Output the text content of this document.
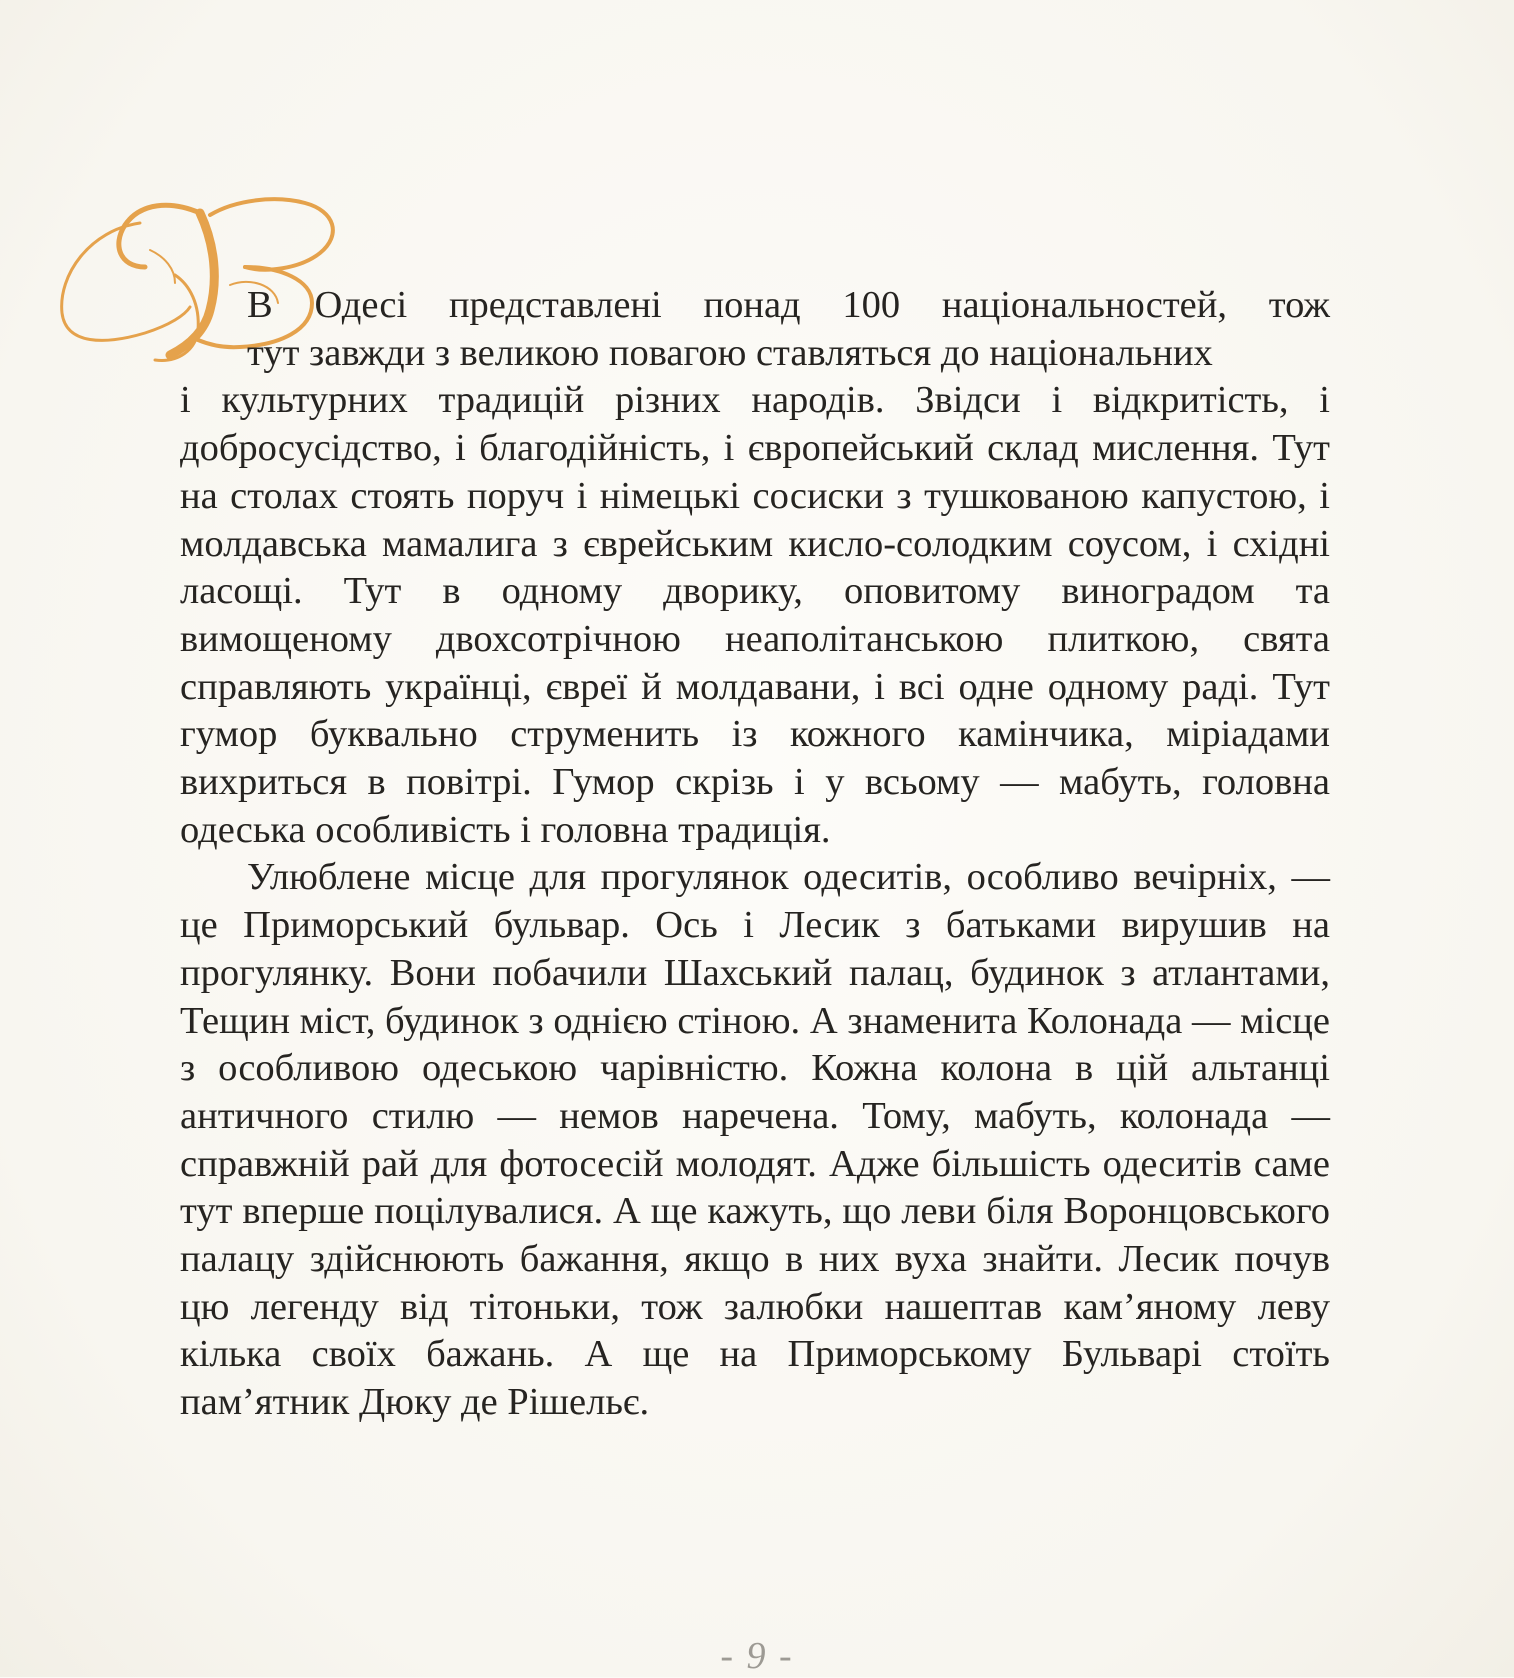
В Одесі представлені понад 100 національностей, тож
тут завжди з великою повагою ставляться до національних
і культурних традицій різних народів. Звідси і відкритість, і добросусідство, і благодійність, і європейський склад мислення. Тут на столах стоять поруч і німецькі сосиски з тушкованою капустою, і молдавська мамалига з єврейським кисло-солодким соусом, і східні ласощі. Тут в одному дворику, оповитому виноградом та вимощеному двохсотрічною неаполітанською плиткою, свята справляють українці, євреї й молдавани, і всі одне одному раді. Тут гумор буквально струменить із кожного камінчика, міріадами вихриться в повітрі. Гумор скрізь і у всьому — мабуть, головна одеська особливість і головна традиція.

Улюблене місце для прогулянок одеситів, особливо вечірніх, — це Приморський бульвар. Ось і Лесик з батьками вирушив на прогулянку. Вони побачили Шахський палац, будинок з атлантами, Тещин міст, будинок з однією стіною. А знаменита Колонада — місце з особливою одеською чарівністю. Кожна колона в цій альтанці античного стилю — немов наречена. Тому, мабуть, колонада — справжній рай для фотосесій молодят. Адже більшість одеситів саме тут вперше поцілувалися. А ще кажуть, що леви біля Воронцовського палацу здійснюють бажання, якщо в них вуха знайти. Лесик почув цю легенду від тітоньки, тож залюбки нашептав кам’яному леву кілька своїх бажань. А ще на Приморському Бульварі стоїть пам’ятник Дюку де Рішельє.

- 9 -
